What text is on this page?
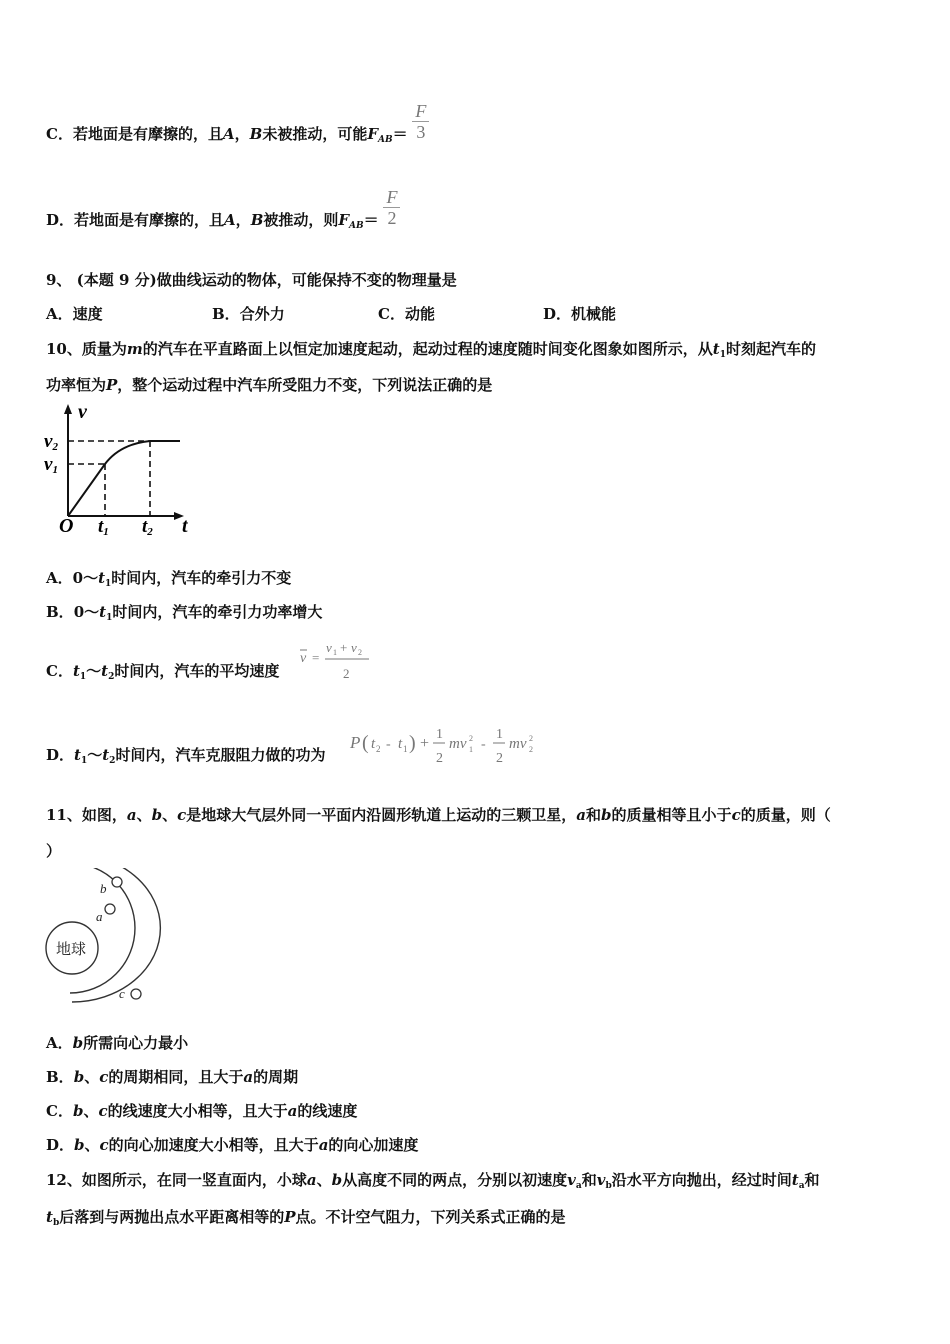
C．若地面是有摩擦的，且A，B未被推动，可能$F_{AB}= \frac{F}{3}$
D．若地面是有摩擦的，且A，B被推动，则$F_{AB}= \frac{F}{2}$
9、 (本题 9 分)做曲线运动的物体，可能保持不变的物理量是
A．速度	B．合外力	C．动能	D．机械能
10、质量为m的汽车在平直路面上以恒定加速度起动，起动过程的速度随时间变化图象如图所示，从$t_1$时刻起汽车的
功率恒为P，整个运动过程中汽车所受阻力不变，下列说法正确的是
v
t
O
v2
v1
t1 t2
A．$0\sim t_1$时间内，汽车的牵引力不变
B．$0\sim t_1$时间内，汽车的牵引力功率增大
C．$t_1\sim t_2$时间内，汽车的平均速度
v =
v 1 + v 2
2
D．$t_1\sim t_2$时间内，汽车克服阻力做的功为
P ( t 2 - t 1 ) +
1
2
mv 2
1 -
1
2
mv 2
2
11、如图，a、b、c是地球大气层外同一平面内沿圆形轨道上运动的三颗卫星，a和b的质量相等且小于c的质量，则（
）
地球
a
b
c
A．b所需向心力最小
B．b、c的周期相同，且大于a的周期
C．b、c的线速度大小相等，且大于a的线速度
D．b、c的向心加速度大小相等，且大于a的向心加速度
12、如图所示，在同一竖直面内，小球a、b从高度不同的两点，分别以初速度$v_a$和$v_b$沿水平方向抛出，经过时间$t_a$和
$t_b$后落到与两抛出点水平距离相等的P点。不计空气阻力，下列关系式正确的是
